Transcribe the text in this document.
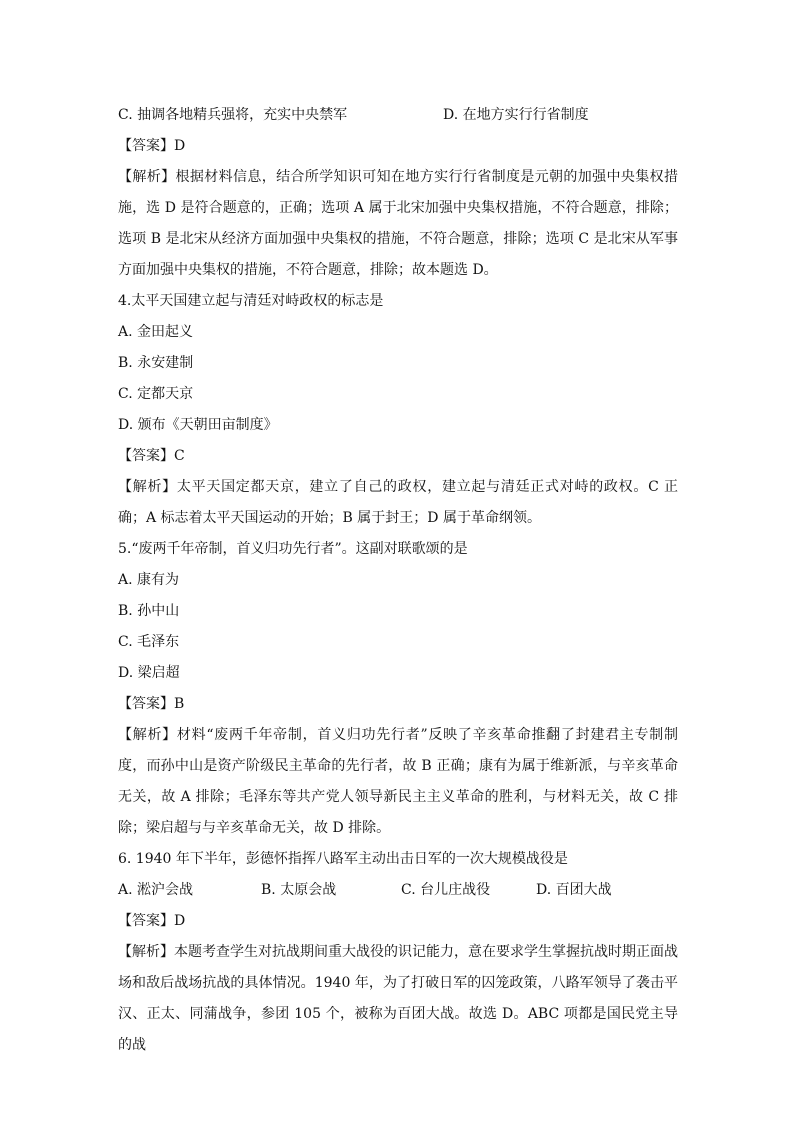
C. 抽调各地精兵强将，充实中央禁军	D. 在地方实行行省制度
【答案】D
【解析】根据材料信息，结合所学知识可知在地方实行行省制度是元朝的加强中央集权措施，选 D 是符合题意的，正确；选项 A 属于北宋加强中央集权措施，不符合题意，排除；选项 B 是北宋从经济方面加强中央集权的措施，不符合题意，排除；选项 C 是北宋从军事方面加强中央集权的措施，不符合题意，排除；故本题选 D。
4.太平天国建立起与清廷对峙政权的标志是
A. 金田起义
B. 永安建制
C. 定都天京
D. 颁布《天朝田亩制度》
【答案】C
【解析】太平天国定都天京，建立了自己的政权，建立起与清廷正式对峙的政权。C 正确；A 标志着太平天国运动的开始；B 属于封王；D 属于革命纲领。
5.“废两千年帝制，首义归功先行者”。这副对联歌颂的是
A. 康有为
B. 孙中山
C. 毛泽东
D. 梁启超
【答案】B
【解析】材料“废两千年帝制，首义归功先行者”反映了辛亥革命推翻了封建君主专制制度，而孙中山是资产阶级民主革命的先行者，故 B 正确；康有为属于维新派，与辛亥革命无关，故 A 排除；毛泽东等共产党人领导新民主主义革命的胜利，与材料无关，故 C 排除；梁启超与与辛亥革命无关，故 D 排除。
6. 1940 年下半年，彭德怀指挥八路军主动出击日军的一次大规模战役是
A. 淞沪会战	B. 太原会战	C. 台儿庄战役	D. 百团大战
【答案】D
【解析】本题考查学生对抗战期间重大战役的识记能力，意在要求学生掌握抗战时期正面战场和敌后战场抗战的具体情况。1940 年，为了打破日军的囚笼政策，八路军领导了袭击平汉、正太、同蒲战争，参团 105 个，被称为百团大战。故选 D。ABC 项都是国民党主导的战
